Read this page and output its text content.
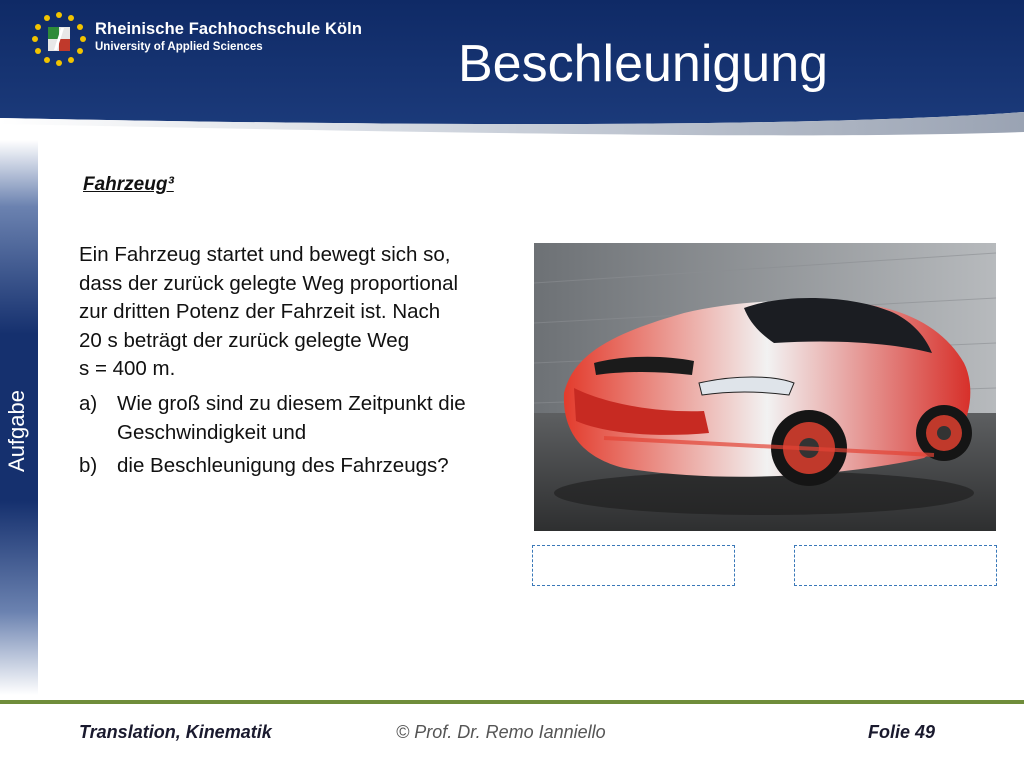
Rheinische Fachhochschule Köln
University of Applied Sciences	Beschleunigung
Aufgabe
Fahrzeug³
Ein Fahrzeug startet und bewegt sich so,
dass der zurück gelegte Weg proportional
zur dritten Potenz der Fahrzeit ist. Nach
20 s beträgt der zurück gelegte Weg
s = 400 m.
a) Wie groß sind zu diesem Zeitpunkt die Geschwindigkeit und
b) die Beschleunigung des Fahrzeugs?
Translation, Kinematik	© Prof. Dr. Remo Ianniello	Folie 49
